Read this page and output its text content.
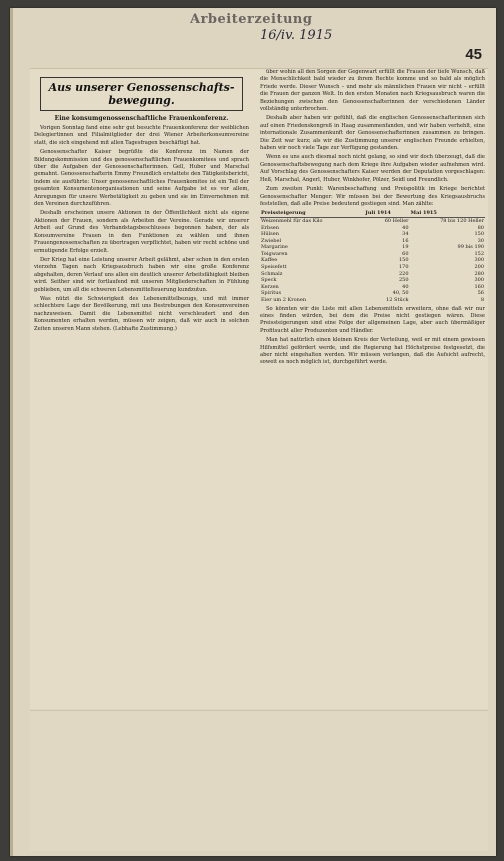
Arbeiterzeitung
16/iv. 1915
45
Aus unserer Genossenschafts-bewegung.
Eine konsumgenossenschaftliche Frauenkonferenz.

Vorigen Sonntag fand eine sehr gut besuchte Frauenkonferenz der weiblichen Delegiertinnen und Filialmitglieder der drei Wiener Arbeiterkonsumvereine statt, die sich eingehend mit allen Tagesfragen beschäftigt hat.

Genossenschafter Kaiser begrüßte die Konferenz im Namen der Bildungskommission und des genossenschaftlichen Frauenkomitees und sprach über die Aufgaben der Genossenschafterinnen. Gell, Huber und Marschal gemahnt. Genossenschafterin Emmy Freundlich erstattete den Tätigkeitsbericht, indem sie ausführte: Unser genossenschaftliches Frauenkomitee ist ein Teil der gesamten Konsumentenorganisationen und seine Aufgabe ist es vor allem, Anregungen für unsere Werbetätigkeit zu geben und sie im Einvernehmen mit den Vereinen durchzuführen.

Deshalb erscheinen unsere Aktionen in der Öffentlichkeit nicht als eigene Aktionen der Frauen, sondern als Arbeiten der Vereine. Gerade wir unserer Arbeit auf Grund des Verbandstagsbeschlusses begonnen haben, der als Konsumvereine Frauen in den Funktionen zu wählen und ihnen Frauengenossenschaften zu übertragen verpflichtet, haben wir recht schöne und ermutigende Erfolge erzielt.

Der Krieg hat eine Leistung unserer Arbeit gelähmt, aber schon in den ersten vierzehn Tagen nach Kriegsausbruch haben wir eine große Konferenz abgehalten, deren Verlauf uns allen ein deutlich unserer Arbeitsfähigkeit bleiben wird. Seither sind wir fortlaufend mit unseren Mitgliederschaften in Fühlung geblieben, um all die schweren Lebensmittelteuerung kundzutun.

Was nützt die Schwierigkeit des Lebensmittelbezugs, und mit immer schlechtere Lage der Bevölkerung, mit uns Bestrebungen den Konsumvereinen nachzuweisen. Damit die Lebensmittel nicht verschleudert und den Konsumenten erhalten werden, müssen wir zeigen, daß wir auch in solchen Zeiten unseren Mann stehen. (Lebhafte Zustimmung.)

über wohin all den Sorgen der Gegenwart erfüllt die Frauen der tiefe Wunsch, daß die Menschlichkeit bald wieder zu ihrem Rechte komme und so bald als möglich Friede werde. Dieser Wunsch – und mehr als männlichen Frauen wir nicht – erfüllt die Frauen der ganzen Welt. In den ersten Monaten nach Kriegsausbruch waren die Beziehungen zwischen den Genossenschafterinnen der verschiedenen Länder vollständig unterbrochen.

Deshalb aber haben wir gefühlt, daß die englischen Genossenschafterinnen sich auf einen Friedenskongreß in Haag zusammenfanden, und wir haben verhehlt, eine internationale Zusammenkunft der Genossenschafterinnen zusammen zu bringen. Die Zeit war kurz; als wir die Zustimmung unserer englischen Freunde erhielten, haben wir noch viele Tage zur Verfügung gestanden.

Wenn es uns auch diesmal noch nicht gelang, so sind wir doch überzeugt, daß die Genossenschaftsbewegung nach dem Kriege ihre Aufgaben wieder aufnehmen wird. Auf Vorschlag des Genossenschafters Kaiser werden der Deputation vorgeschlagen: Heß, Marschal, Angerl, Huber, Winkhofer, Pölzer, Seidl und Freundlich.

Zum zweiten Punkt: Warenbeschaffung und Preispolitik im Kriege berichtet Genossenschafter Menger: Wir müssen bei der Bewertung des Kriegsausbruchs feststellen, daß alle Preise bedeutend gestiegen sind. Man zählte:

Preissteigerung	Juli 1914	Mai 1915
Weizenmehl für das Kilo	60 Heller	78 bis 120 Heller
Erbsen	40	80
Hülsen	34	150
Zwiebel	16	30
Margarine	19	99 bis 190
Teigwaren	60	152
Kaffee	150	300
Speisefett	170	200
Schmalz	220	280
Speck	250	300
Kerzen	40	160
Spiritus	40, 50	56
Eier um 2 Kronen	12 Stück	8

So könnten wir die Liste mit allen Lebensmitteln erweitern, ohne daß wir nur eines finden würden, bei dem die Preise nicht gestiegen wären. Diese Preissteigerungen sind eine Folge der allgemeinen Lage, aber auch übermäßiger Profitsucht aller Produzenten und Händler.

Man hat natürlich einen kleinen Kreis der Verteilung, weil er mit einem gewissen Hilfsmittel gefördert werde, und die Regierung hat Höchstpreise festgesetzt, die aber nicht eingehalten werden. Wir müssen verlangen, daß die Aufsicht aufrecht, soweit es noch möglich ist, durchgeführt werde.
